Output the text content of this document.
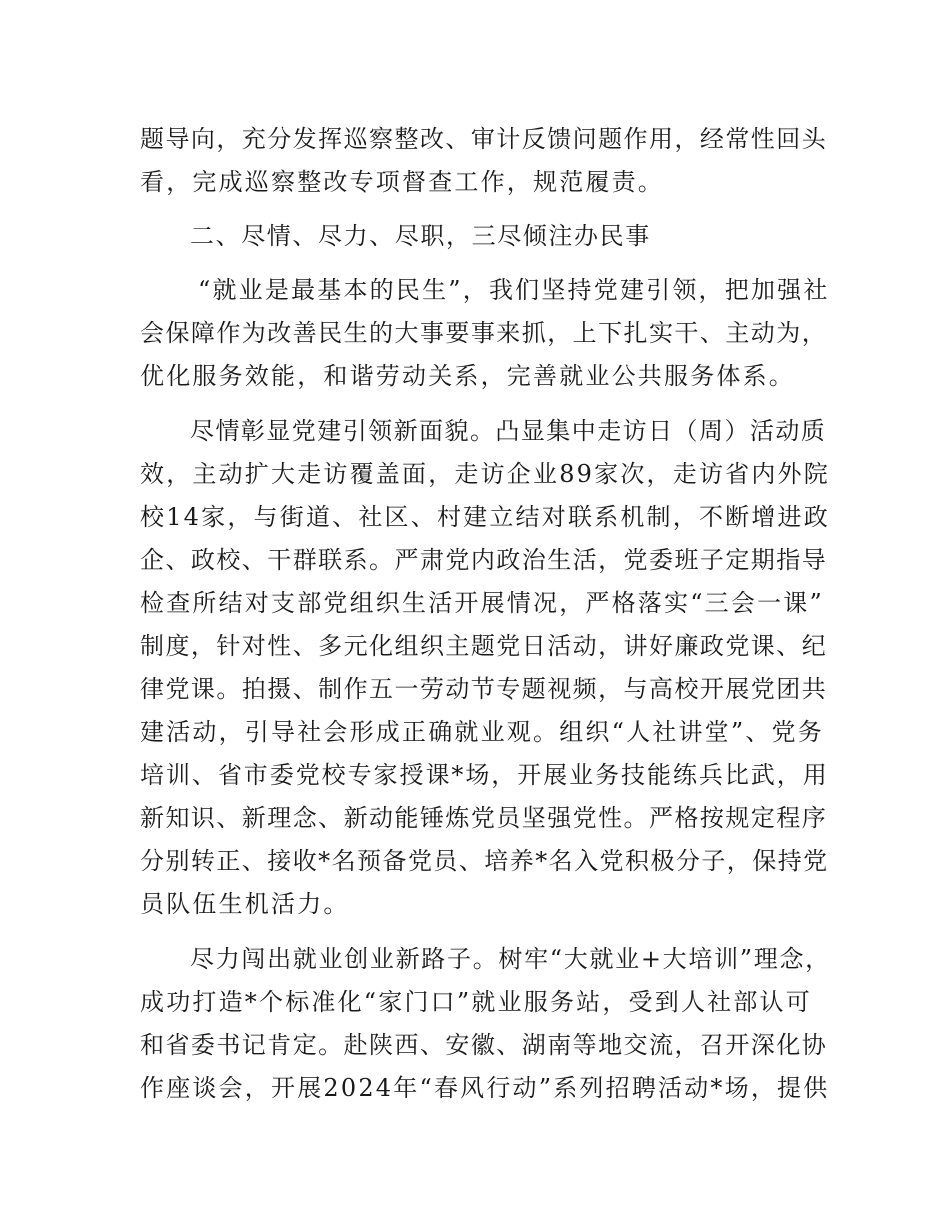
题导向，充分发挥巡察整改、审计反馈问题作用，经常性回头
看，完成巡察整改专项督查工作，规范履责。
二、尽情、尽力、尽职，三尽倾注办民事
“就业是最基本的民生”，我们坚持党建引领，把加强社
会保障作为改善民生的大事要事来抓，上下扎实干、主动为，
优化服务效能，和谐劳动关系，完善就业公共服务体系。
尽情彰显党建引领新面貌。凸显集中走访日（周）活动质
效，主动扩大走访覆盖面，走访企业89家次，走访省内外院
校14家，与街道、社区、村建立结对联系机制，不断增进政
企、政校、干群联系。严肃党内政治生活，党委班子定期指导
检查所结对支部党组织生活开展情况，严格落实“三会一课”
制度，针对性、多元化组织主题党日活动，讲好廉政党课、纪
律党课。拍摄、制作五一劳动节专题视频，与高校开展党团共
建活动，引导社会形成正确就业观。组织“人社讲堂”、党务
培训、省市委党校专家授课*场，开展业务技能练兵比武，用
新知识、新理念、新动能锤炼党员坚强党性。严格按规定程序
分别转正、接收*名预备党员、培养*名入党积极分子，保持党
员队伍生机活力。
尽力闯出就业创业新路子。树牢“大就业+大培训”理念，
成功打造*个标准化“家门口”就业服务站，受到人社部认可
和省委书记肯定。赴陕西、安徽、湖南等地交流，召开深化协
作座谈会，开展2024年“春风行动”系列招聘活动*场，提供
